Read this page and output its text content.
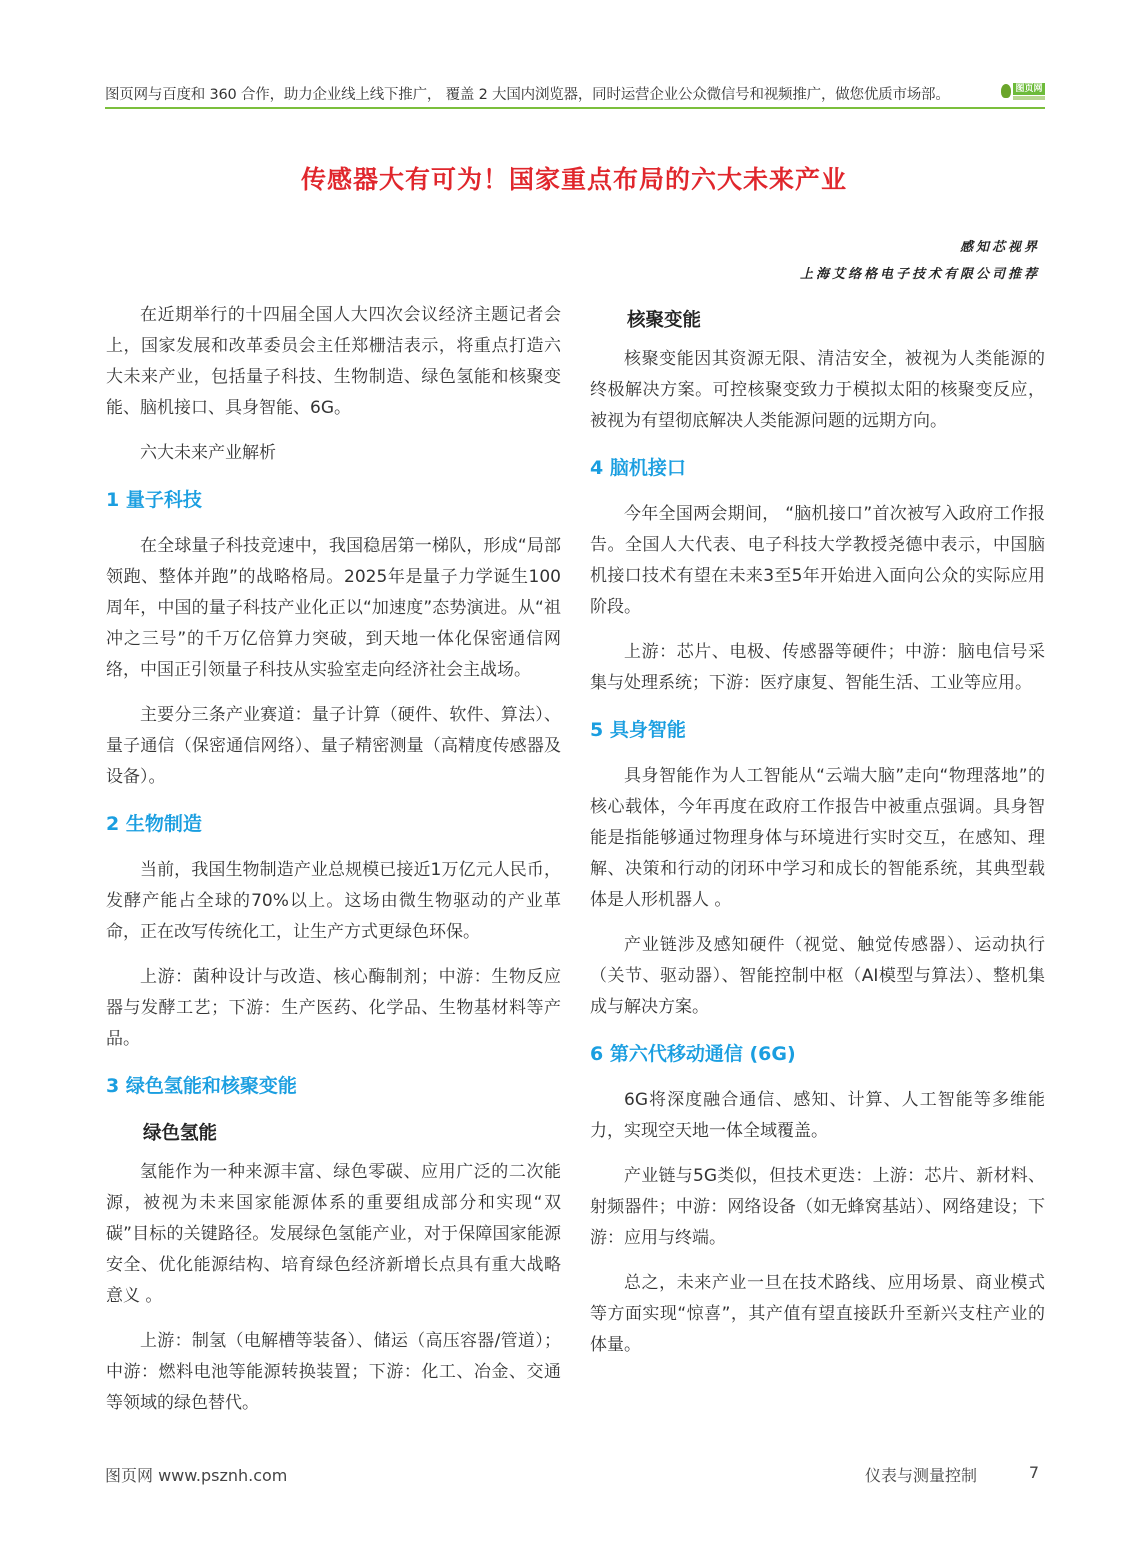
图页网与百度和 360 合作，助力企业线上线下推广， 覆盖 2 大国内浏览器，同时运营企业公众微信号和视频推广，做您优质市场部。	图页网
传感器大有可为！国家重点布局的六大未来产业
感知芯视界
上海艾络格电子技术有限公司推荐

在近期举行的十四届全国人大四次会议经济主题记者会上，国家发展和改革委员会主任郑栅洁表示，将重点打造六大未来产业，包括量子科技、生物制造、绿色氢能和核聚变能、脑机接口、具身智能、6G。

六大未来产业解析

1 量子科技

在全球量子科技竞速中，我国稳居第一梯队，形成“局部领跑、整体并跑”的战略格局。2025年是量子力学诞生100周年，中国的量子科技产业化正以“加速度”态势演进。从“祖冲之三号”的千万亿倍算力突破，到天地一体化保密通信网络，中国正引领量子科技从实验室走向经济社会主战场。

主要分三条产业赛道：量子计算（硬件、软件、算法）、量子通信（保密通信网络）、量子精密测量（高精度传感器及设备）。

2 生物制造

当前，我国生物制造产业总规模已接近1万亿元人民币，发酵产能占全球的70%以上。这场由微生物驱动的产业革命，正在改写传统化工，让生产方式更绿色环保。

上游：菌种设计与改造、核心酶制剂；中游：生物反应器与发酵工艺；下游：生产医药、化学品、生物基材料等产品。

3 绿色氢能和核聚变能
绿色氢能

氢能作为一种来源丰富、绿色零碳、应用广泛的二次能源，被视为未来国家能源体系的重要组成部分和实现“双碳”目标的关键路径。发展绿色氢能产业，对于保障国家能源安全、优化能源结构、培育绿色经济新增长点具有重大战略意义 。

上游：制氢（电解槽等装备）、储运（高压容器/管道）；中游：燃料电池等能源转换装置；下游：化工、冶金、交通等领域的绿色替代。

核聚变能

核聚变能因其资源无限、清洁安全，被视为人类能源的终极解决方案。可控核聚变致力于模拟太阳的核聚变反应，被视为有望彻底解决人类能源问题的远期方向。

4 脑机接口

今年全国两会期间， “脑机接口”首次被写入政府工作报告。全国人大代表、电子科技大学教授尧德中表示，中国脑机接口技术有望在未来3至5年开始进入面向公众的实际应用阶段。

上游：芯片、电极、传感器等硬件；中游：脑电信号采集与处理系统；下游：医疗康复、智能生活、工业等应用。

5 具身智能

具身智能作为人工智能从“云端大脑”走向“物理落地”的核心载体，今年再度在政府工作报告中被重点强调。具身智能是指能够通过物理身体与环境进行实时交互，在感知、理解、决策和行动的闭环中学习和成长的智能系统，其典型载体是人形机器人 。

产业链涉及感知硬件（视觉、触觉传感器）、运动执行（关节、驱动器）、智能控制中枢（AI模型与算法）、整机集成与解决方案。

6 第六代移动通信 (6G)

6G将深度融合通信、感知、计算、人工智能等多维能力，实现空天地一体全域覆盖。

产业链与5G类似，但技术更迭：上游：芯片、新材料、射频器件；中游：网络设备（如无蜂窝基站）、网络建设；下游：应用与终端。

总之，未来产业一旦在技术路线、应用场景、商业模式等方面实现“惊喜”，其产值有望直接跃升至新兴支柱产业的体量。

图页网 www.psznh.com	仪表与测量控制	7
